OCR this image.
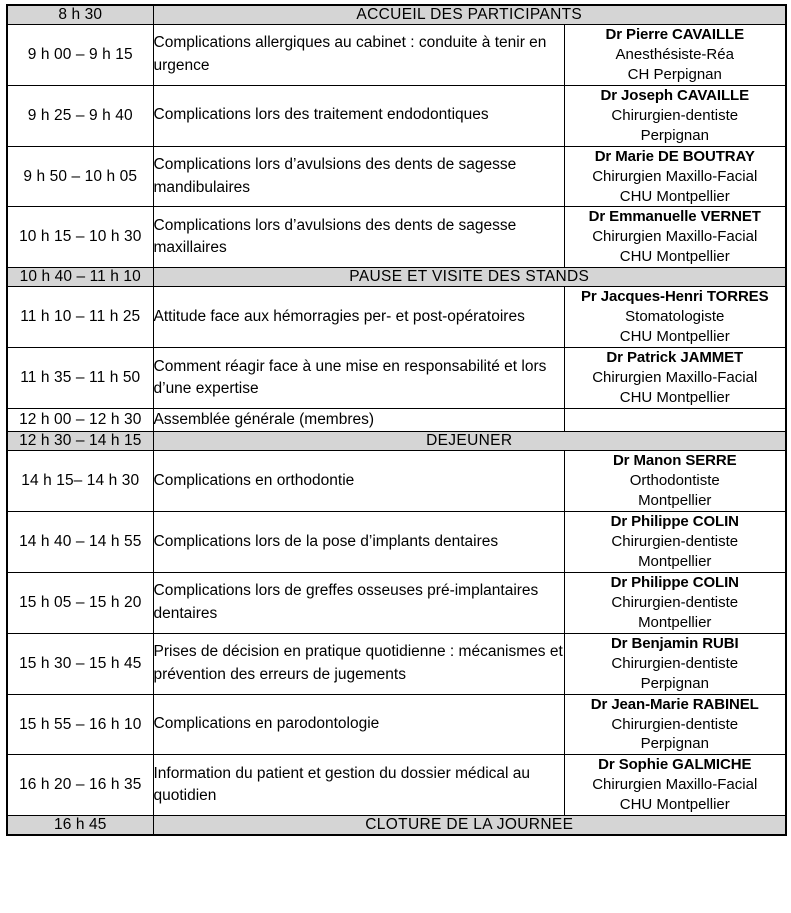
8 h 30	ACCUEIL DES PARTICIPANTS	
9 h 00 – 9 h 15	Complications allergiques au cabinet : conduite à tenir en urgence	Dr Pierre CAVAILLE
Anesthésiste-Réa
CH Perpignan

9 h 25 – 9 h 40	Complications lors des traitement endodontiques	Dr Joseph CAVAILLE
Chirurgien-dentiste
Perpignan

9 h 50 – 10 h 05	Complications lors d’avulsions des dents de sagesse mandibulaires	Dr Marie DE BOUTRAY
Chirurgien Maxillo-Facial
CHU Montpellier

10 h 15 – 10 h 30	Complications lors d’avulsions des dents de sagesse maxillaires	Dr Emmanuelle VERNET
Chirurgien Maxillo-Facial
CHU Montpellier

10 h 40 – 11 h 10	PAUSE ET VISITE DES STANDS	
11 h 10 – 11 h 25	Attitude face aux hémorragies per- et post-opératoires	Pr Jacques-Henri TORRES
Stomatologiste
CHU Montpellier

11 h 35 – 11 h 50	Comment réagir face à une mise en responsabilité et lors d’une expertise	Dr Patrick JAMMET
Chirurgien Maxillo-Facial
CHU Montpellier

12 h 00 – 12 h 30	Assemblée générale (membres)	
12 h 30 – 14 h 15	DEJEUNER	
14 h 15– 14 h 30	Complications en orthodontie	Dr Manon SERRE
Orthodontiste
Montpellier

14 h 40 – 14 h 55	Complications lors de la pose d’implants dentaires	Dr Philippe COLIN
Chirurgien-dentiste
Montpellier

15 h 05 – 15 h 20	Complications lors de greffes osseuses pré-implantaires dentaires	Dr Philippe COLIN
Chirurgien-dentiste
Montpellier

15 h 30 – 15 h 45	Prises de décision en pratique quotidienne : mécanismes et prévention des erreurs de jugements	Dr Benjamin RUBI
Chirurgien-dentiste
Perpignan

15 h 55 – 16 h 10	Complications en parodontologie	Dr Jean-Marie RABINEL
Chirurgien-dentiste
Perpignan

16 h 20 – 16 h 35	Information du patient et gestion du dossier médical au quotidien	Dr Sophie GALMICHE
Chirurgien Maxillo-Facial
CHU Montpellier

16 h 45	CLOTURE DE LA JOURNEE	
